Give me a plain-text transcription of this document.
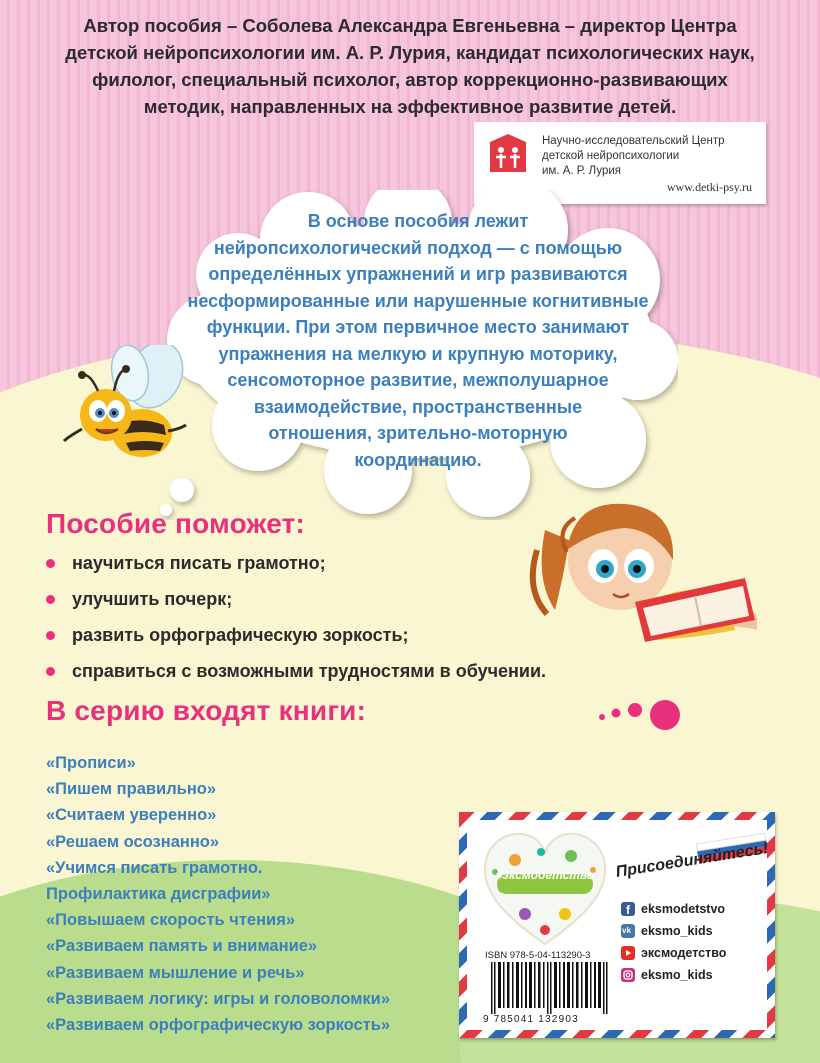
Автор пособия – Соболева Александра Евгеньевна – директор Центра
детской нейропсихологии им. А. Р. Лурия, кандидат психологических наук,
филолог, специальный психолог, автор коррекционно-развивающих
методик, направленных на эффективное развитие детей.
Научно-исследовательский Центр
детской нейропсихологии
им. А. Р. Лурия
www.detki-psy.ru
В основе пособия лежит
нейропсихологический подход — с помощью
определённых упражнений и игр развиваются
несформированные или нарушенные когнитивные
функции. При этом первичное место занимают
упражнения на мелкую и крупную моторику,
сенсомоторное развитие, межполушарное
взаимодействие, пространственные
отношения, зрительно-моторную
координацию.
Пособие поможет:
научиться писать грамотно;
улучшить почерк;
развить орфографическую зоркость;
справиться с возможными трудностями в обучении.
В серию входят книги:
«Прописи»
«Пишем правильно»
«Считаем уверенно»
«Решаем осознанно»
«Учимся писать грамотно.
Профилактика дисграфии»
«Повышаем скорость чтения»
«Развиваем память и внимание»
«Развиваем мышление и речь»
«Развиваем логику: игры и головоломки»
«Развиваем орфографическую зоркость»
#эксмодетство	Присоединяйтесь!
f eksmodetstvo
vk eksmo_kids
эксмодетство
eksmo_kids
ISBN 978-5-04-113290-3
9 785041 132903
